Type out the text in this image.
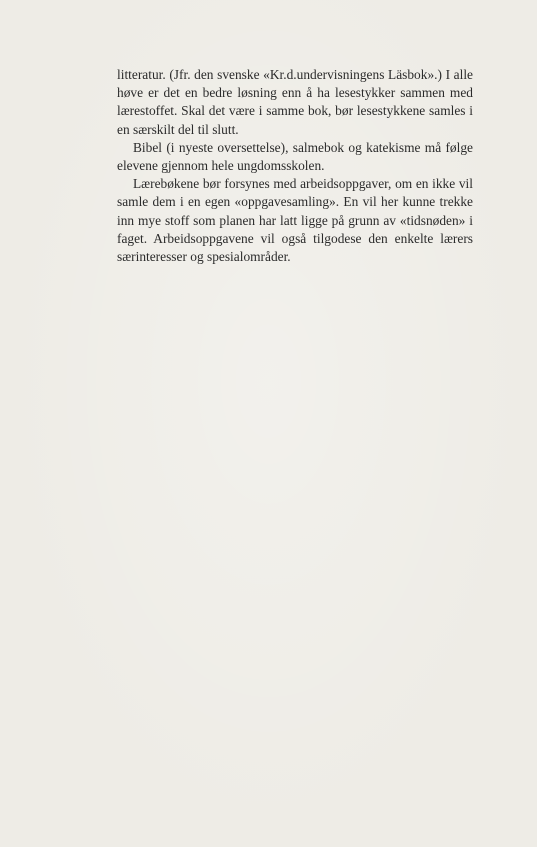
litteratur. (Jfr. den svenske «Kr.d.undervisningens Läsbok».) I alle høve er det en bedre løsning enn å ha lesestykker sammen med lærestoffet. Skal det være i samme bok, bør lesestykkene samles i en særskilt del til slutt.

Bibel (i nyeste oversettelse), salmebok og katekisme må følge elevene gjennom hele ungdomsskolen.

Lærebøkene bør forsynes med arbeidsoppgaver, om en ikke vil samle dem i en egen «oppgavesamling». En vil her kunne trekke inn mye stoff som planen har latt ligge på grunn av «tidsnøden» i faget. Arbeidsoppgavene vil også tilgodese den enkelte lærers særinteresser og spesialområder.
